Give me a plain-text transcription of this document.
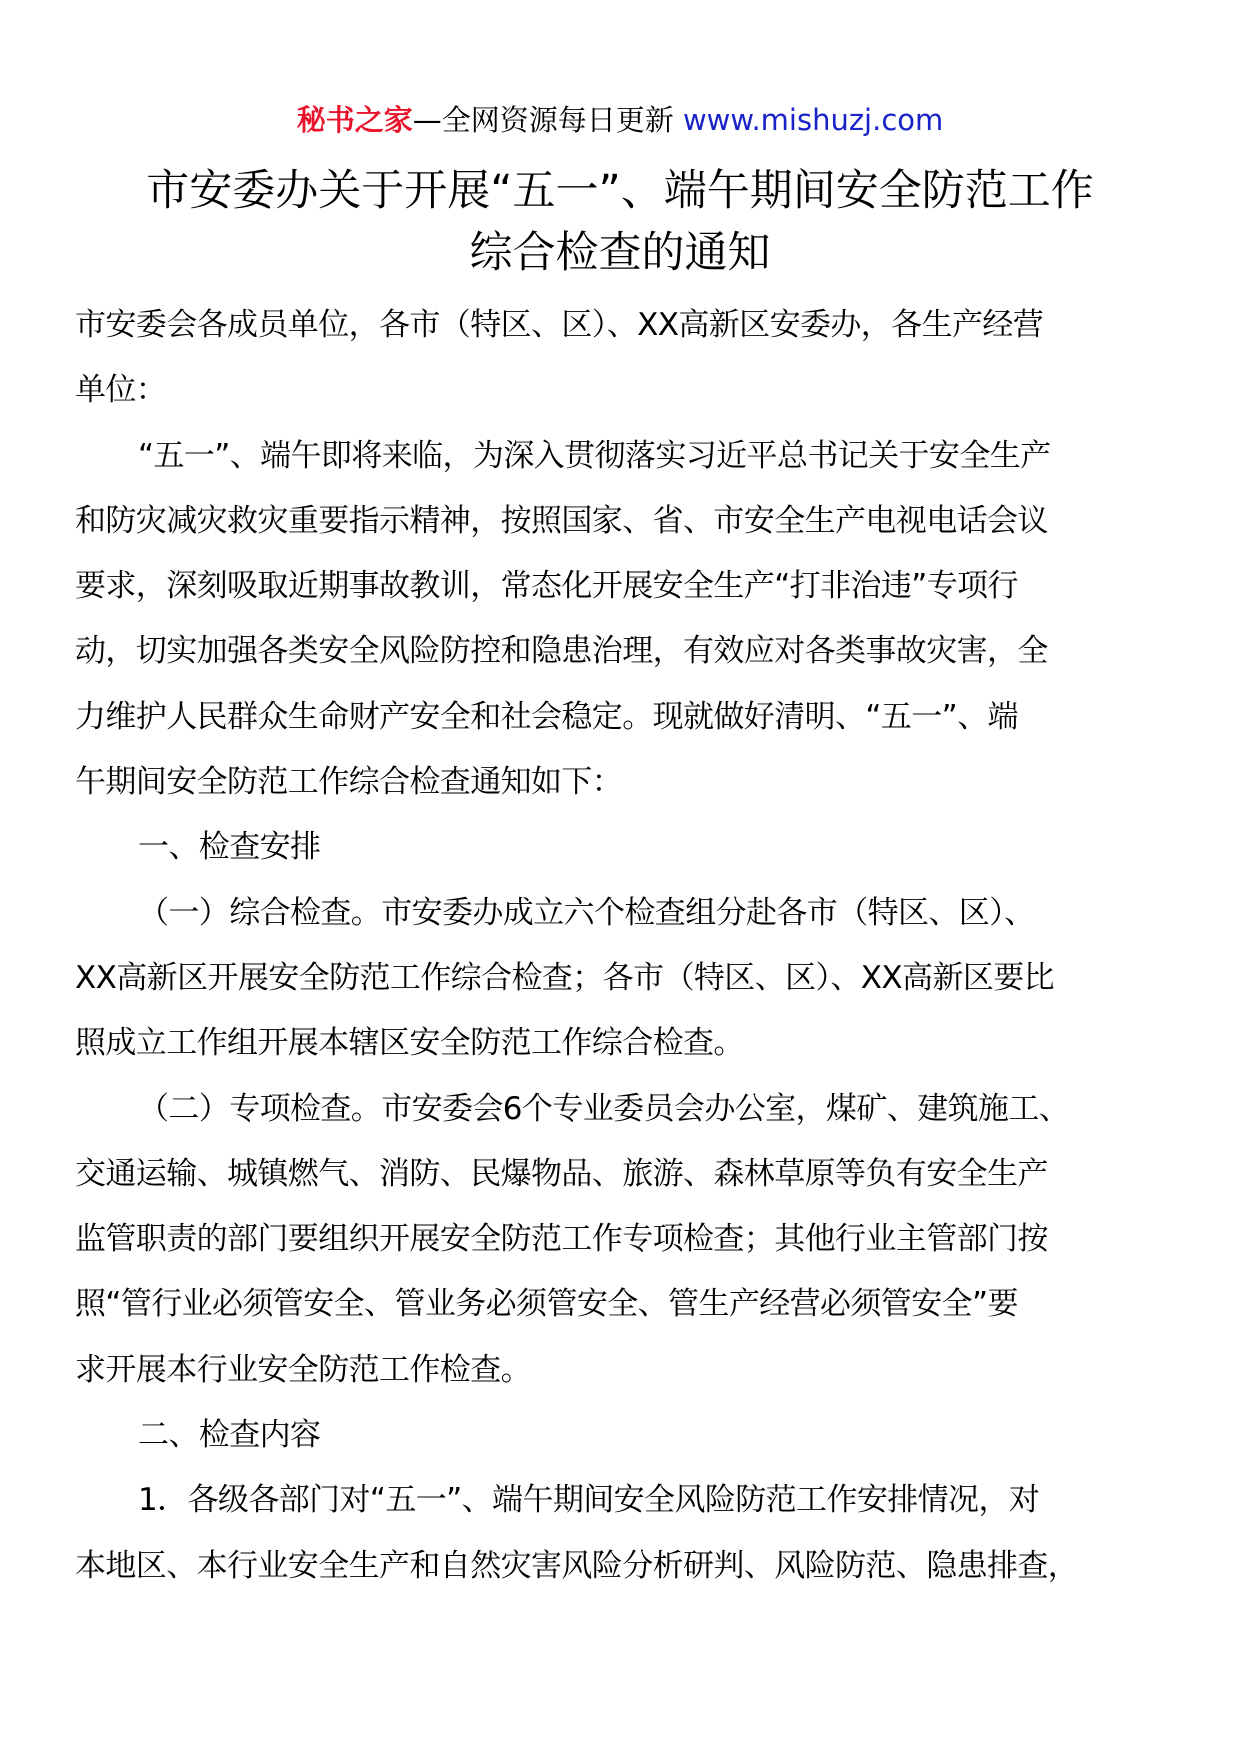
秘书之家—全网资源每日更新 www.mishuzj.com
市安委办关于开展“五一”、端午期间安全防范工作
综合检查的通知
市安委会各成员单位，各市（特区、区）、XX高新区安委办，各生产经营
单位：
“五一”、端午即将来临，为深入贯彻落实习近平总书记关于安全生产
和防灾减灾救灾重要指示精神，按照国家、省、市安全生产电视电话会议
要求，深刻吸取近期事故教训，常态化开展安全生产“打非治违”专项行
动，切实加强各类安全风险防控和隐患治理，有效应对各类事故灾害，全
力维护人民群众生命财产安全和社会稳定。现就做好清明、“五一”、端
午期间安全防范工作综合检查通知如下：
一、检查安排
（一）综合检查。市安委办成立六个检查组分赴各市（特区、区）、
XX高新区开展安全防范工作综合检查；各市（特区、区）、XX高新区要比
照成立工作组开展本辖区安全防范工作综合检查。
（二）专项检查。市安委会6个专业委员会办公室，煤矿、建筑施工、
交通运输、城镇燃气、消防、民爆物品、旅游、森林草原等负有安全生产
监管职责的部门要组织开展安全防范工作专项检查；其他行业主管部门按
照“管行业必须管安全、管业务必须管安全、管生产经营必须管安全”要
求开展本行业安全防范工作检查。
二、检查内容
1．各级各部门对“五一”、端午期间安全风险防范工作安排情况，对
本地区、本行业安全生产和自然灾害风险分析研判、风险防范、隐患排查，
